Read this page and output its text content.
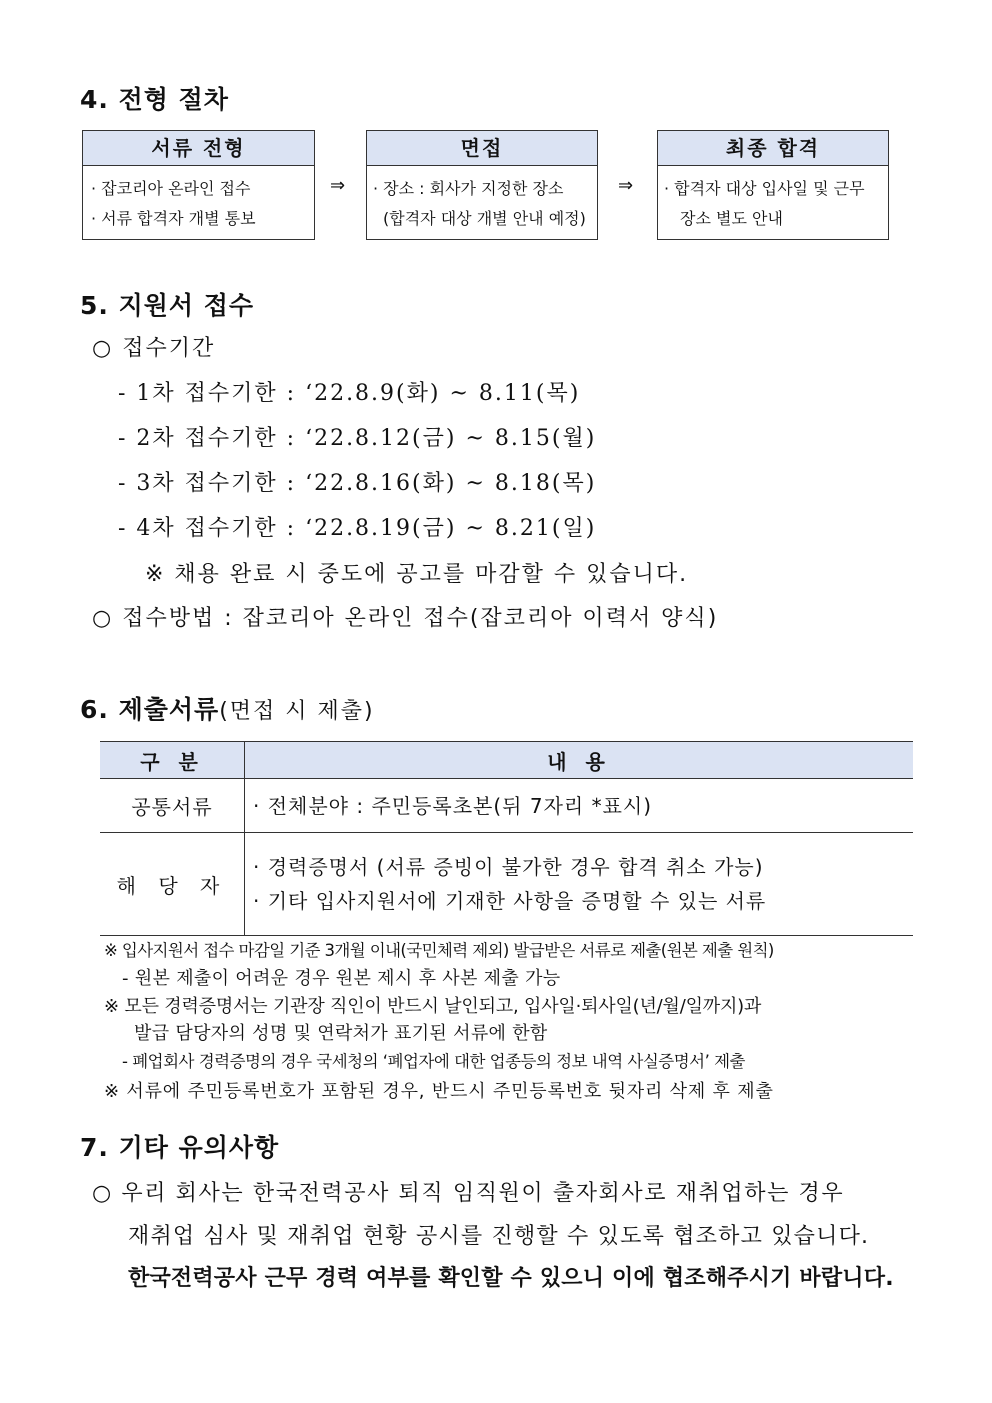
4. 전형 절차
서류 전형
· 잡코리아 온라인 접수
· 서류 합격자 개별 통보
⇒
면접
· 장소 : 회사가 지정한 장소
(합격자 대상 개별 안내 예정)
⇒
최종 합격
· 합격자 대상 입사일 및 근무
장소 별도 안내
5. 지원서 접수
○ 접수기간
- 1차 접수기한 : ‘22.8.9(화) ~ 8.11(목)
- 2차 접수기한 : ‘22.8.12(금) ~ 8.15(월)
- 3차 접수기한 : ‘22.8.16(화) ~ 8.18(목)
- 4차 접수기한 : ‘22.8.19(금) ~ 8.21(일)
※ 채용 완료 시 중도에 공고를 마감할 수 있습니다.
○ 접수방법 : 잡코리아 온라인 접수(잡코리아 이력서 양식)
6. 제출서류(면접 시 제출)
구 분	내 용
공통서류	· 전체분야 : 주민등록초본(뒤 7자리 *표시)

해 당 자	· 경력증명서 (서류 증빙이 불가한 경우 합격 취소 가능)
· 기타 입사지원서에 기재한 사항을 증명할 수 있는 서류
※ 입사지원서 접수 마감일 기준 3개월 이내(국민체력 제외) 발급받은 서류로 제출(원본 제출 원칙)
- 원본 제출이 어려운 경우 원본 제시 후 사본 제출 가능
※ 모든 경력증명서는 기관장 직인이 반드시 날인되고, 입사일·퇴사일(년/월/일까지)과
발급 담당자의 성명 및 연락처가 표기된 서류에 한함
- 폐업회사 경력증명의 경우 국세청의 ‘폐업자에 대한 업종등의 정보 내역 사실증명서’ 제출
※ 서류에 주민등록번호가 포함된 경우, 반드시 주민등록번호 뒷자리 삭제 후 제출
7. 기타 유의사항
○ 우리 회사는 한국전력공사 퇴직 임직원이 출자회사로 재취업하는 경우
재취업 심사 및 재취업 현황 공시를 진행할 수 있도록 협조하고 있습니다.
한국전력공사 근무 경력 여부를 확인할 수 있으니 이에 협조해주시기 바랍니다.
